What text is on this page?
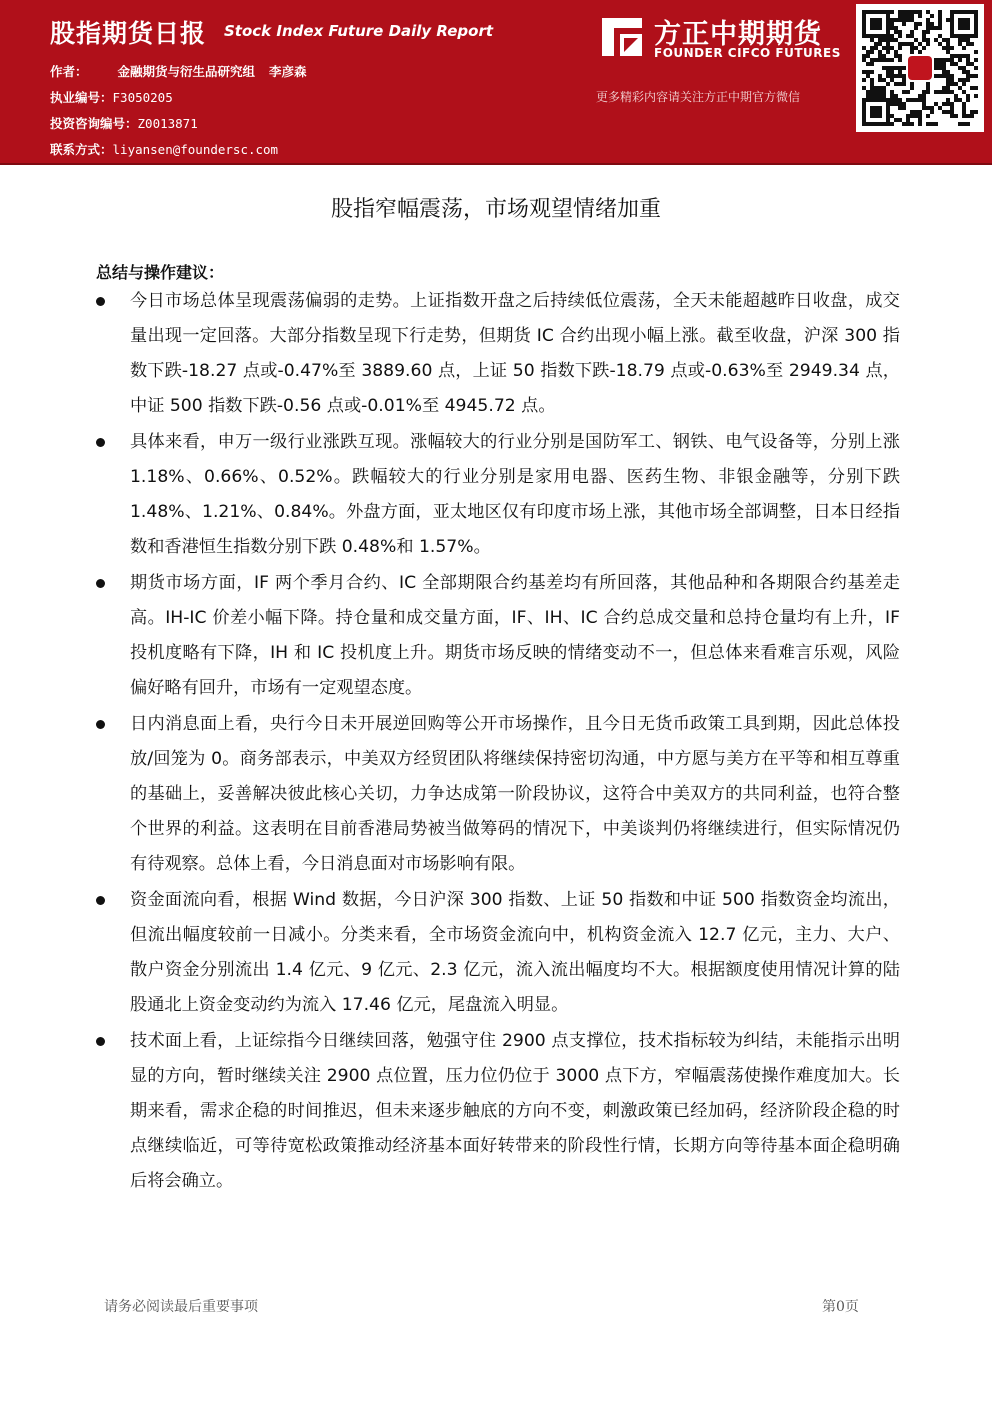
股指期货日报 Stock Index Future Daily Report
作者： 金融期货与衍生品研究组 李彦森
执业编号：F3050205
投资咨询编号：Z0013871
联系方式：liyansen@foundersc.com
方正中期期货
FOUNDER CIFCO FUTURES
更多精彩内容请关注方正中期官方微信
股指窄幅震荡，市场观望情绪加重
总结与操作建议：
今日市场总体呈现震荡偏弱的走势。上证指数开盘之后持续低位震荡，全天未能超越昨日收盘，成交量出现一定回落。大部分指数呈现下行走势，但期货 IC 合约出现小幅上涨。截至收盘，沪深 300 指数下跌-18.27 点或-0.47%至 3889.60 点，上证 50 指数下跌-18.79 点或-0.63%至 2949.34 点，中证 500 指数下跌-0.56 点或-0.01%至 4945.72 点。
具体来看，申万一级行业涨跌互现。涨幅较大的行业分别是国防军工、钢铁、电气设备等，分别上涨 1.18%、0.66%、0.52%。跌幅较大的行业分别是家用电器、医药生物、非银金融等，分别下跌 1.48%、1.21%、0.84%。外盘方面，亚太地区仅有印度市场上涨，其他市场全部调整，日本日经指数和香港恒生指数分别下跌 0.48%和 1.57%。
期货市场方面，IF 两个季月合约、IC 全部期限合约基差均有所回落，其他品种和各期限合约基差走高。IH-IC 价差小幅下降。持仓量和成交量方面，IF、IH、IC 合约总成交量和总持仓量均有上升，IF 投机度略有下降，IH 和 IC 投机度上升。期货市场反映的情绪变动不一，但总体来看难言乐观，风险偏好略有回升，市场有一定观望态度。
日内消息面上看，央行今日未开展逆回购等公开市场操作，且今日无货币政策工具到期，因此总体投放/回笼为 0。商务部表示，中美双方经贸团队将继续保持密切沟通，中方愿与美方在平等和相互尊重的基础上，妥善解决彼此核心关切，力争达成第一阶段协议，这符合中美双方的共同利益，也符合整个世界的利益。这表明在目前香港局势被当做筹码的情况下，中美谈判仍将继续进行，但实际情况仍有待观察。总体上看，今日消息面对市场影响有限。
资金面流向看，根据 Wind 数据，今日沪深 300 指数、上证 50 指数和中证 500 指数资金均流出，但流出幅度较前一日减小。分类来看，全市场资金流向中，机构资金流入 12.7 亿元，主力、大户、散户资金分别流出 1.4 亿元、9 亿元、2.3 亿元，流入流出幅度均不大。根据额度使用情况计算的陆股通北上资金变动约为流入 17.46 亿元，尾盘流入明显。
技术面上看，上证综指今日继续回落，勉强守住 2900 点支撑位，技术指标较为纠结，未能指示出明显的方向，暂时继续关注 2900 点位置，压力位仍位于 3000 点下方，窄幅震荡使操作难度加大。长期来看，需求企稳的时间推迟，但未来逐步触底的方向不变，刺激政策已经加码，经济阶段企稳的时点继续临近，可等待宽松政策推动经济基本面好转带来的阶段性行情，长期方向等待基本面企稳明确后将会确立。
请务必阅读最后重要事项	第0页
